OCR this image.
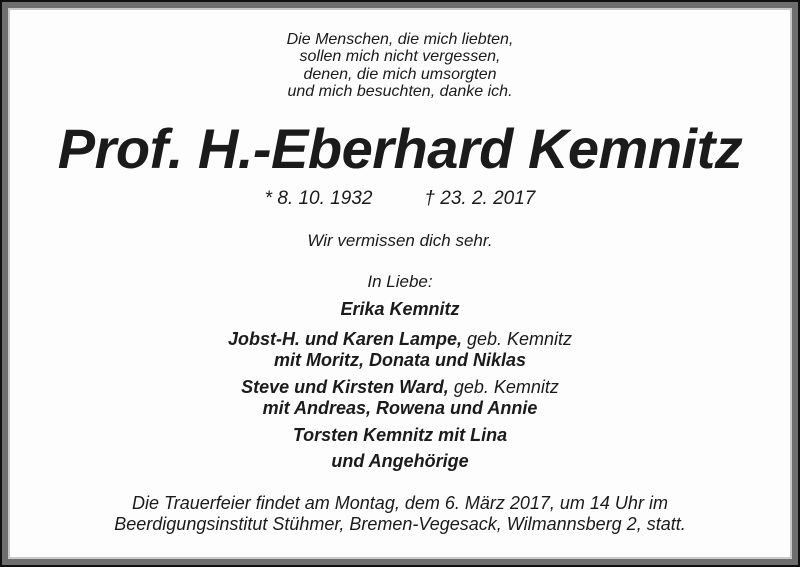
Die Menschen, die mich liebten,
sollen mich nicht vergessen,
denen, die mich umsorgten
und mich besuchten, danke ich.
Prof. H.-Eberhard Kemnitz
* 8. 10. 1932	† 23. 2. 2017
Wir vermissen dich sehr.
In Liebe:
Erika Kemnitz
Jobst-H. und Karen Lampe, geb. Kemnitz
mit Moritz, Donata und Niklas
Steve und Kirsten Ward, geb. Kemnitz
mit Andreas, Rowena und Annie
Torsten Kemnitz mit Lina
und Angehörige
Die Trauerfeier findet am Montag, dem 6. März 2017, um 14 Uhr im
Beerdigungsinstitut Stühmer, Bremen-Vegesack, Wilmannsberg 2, statt.
